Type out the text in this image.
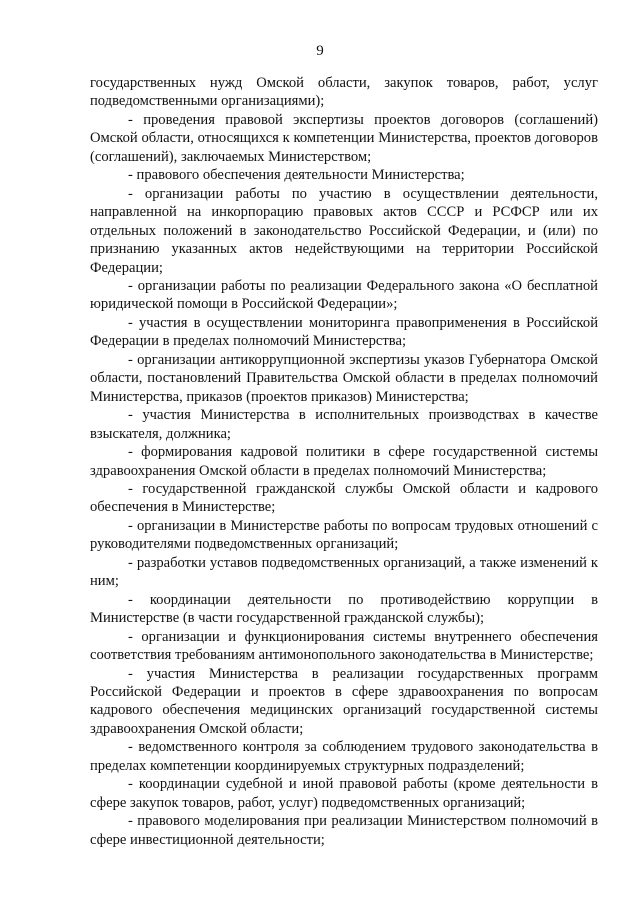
9

государственных нужд Омской области, закупок товаров, работ, услуг подведомственными организациями);

- проведения правовой экспертизы проектов договоров (соглашений) Омской области, относящихся к компетенции Министерства, проектов договоров (соглашений), заключаемых Министерством;

- правового обеспечения деятельности Министерства;

- организации работы по участию в осуществлении деятельности, направленной на инкорпорацию правовых актов СССР и РСФСР или их отдельных положений в законодательство Российской Федерации, и (или) по признанию указанных актов недействующими на территории Российской Федерации;

- организации работы по реализации Федерального закона «О бесплатной юридической помощи в Российской Федерации»;

- участия в осуществлении мониторинга правоприменения в Российской Федерации в пределах полномочий Министерства;

- организации антикоррупционной экспертизы указов Губернатора Омской области, постановлений Правительства Омской области в пределах полномочий Министерства, приказов (проектов приказов) Министерства;

- участия Министерства в исполнительных производствах в качестве взыскателя, должника;

- формирования кадровой политики в сфере государственной системы здравоохранения Омской области в пределах полномочий Министерства;

- государственной гражданской службы Омской области и кадрового обеспечения в Министерстве;

- организации в Министерстве работы по вопросам трудовых отношений с руководителями подведомственных организаций;

- разработки уставов подведомственных организаций, а также изменений к ним;

- координации деятельности по противодействию коррупции в Министерстве (в части государственной гражданской службы);

- организации и функционирования системы внутреннего обеспечения соответствия требованиям антимонопольного законодательства в Министерстве;

- участия Министерства в реализации государственных программ Российской Федерации и проектов в сфере здравоохранения по вопросам кадрового обеспечения медицинских организаций государственной системы здравоохранения Омской области;

- ведомственного контроля за соблюдением трудового законодательства в пределах компетенции координируемых структурных подразделений;

- координации судебной и иной правовой работы (кроме деятельности в сфере закупок товаров, работ, услуг) подведомственных организаций;

- правового моделирования при реализации Министерством полномочий в сфере инвестиционной деятельности;
